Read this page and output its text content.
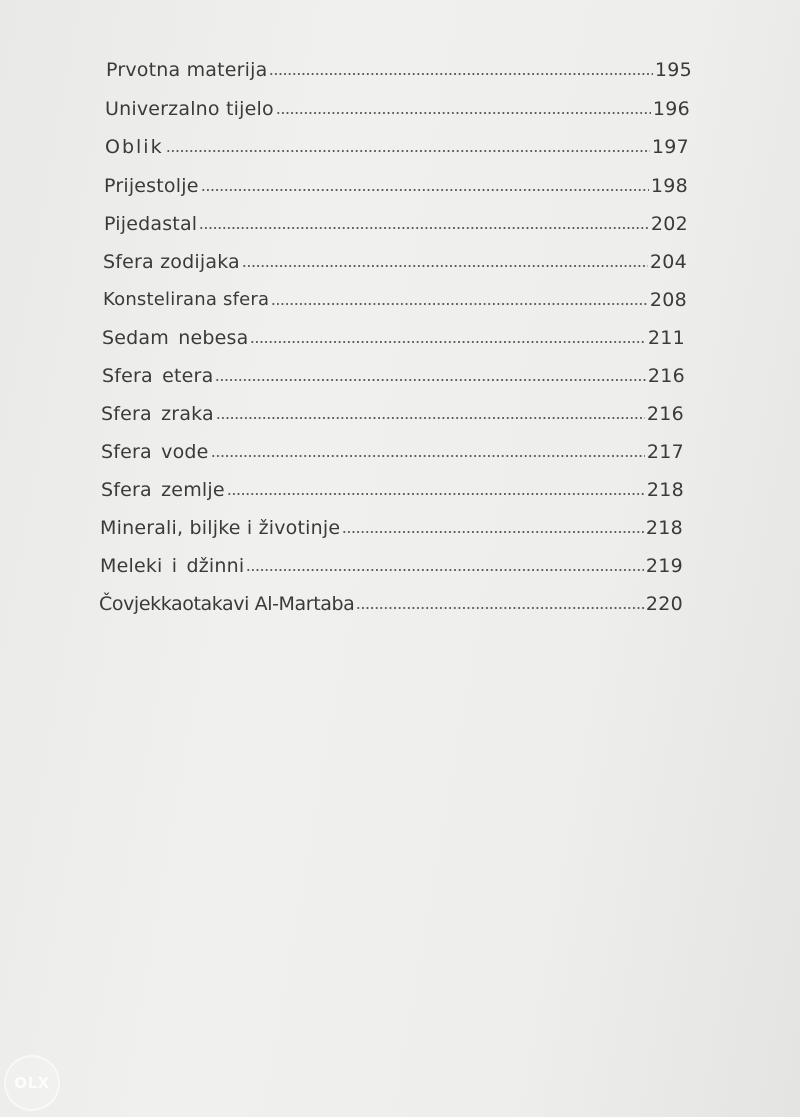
Prvotna materija	195
Univerzalno tijelo	196
Oblik	197
Prijestolje	198
Pijedastal	202
Sfera zodijaka	204
Konstelirana sfera	208
Sedam nebesa	211
Sfera etera	216
Sfera zraka	216
Sfera vode	217
Sfera zemlje	218
Minerali, biljke i životinje	218
Meleki i džinni	219
Čovjekkaotakavi Al-Martaba	220
OLX
